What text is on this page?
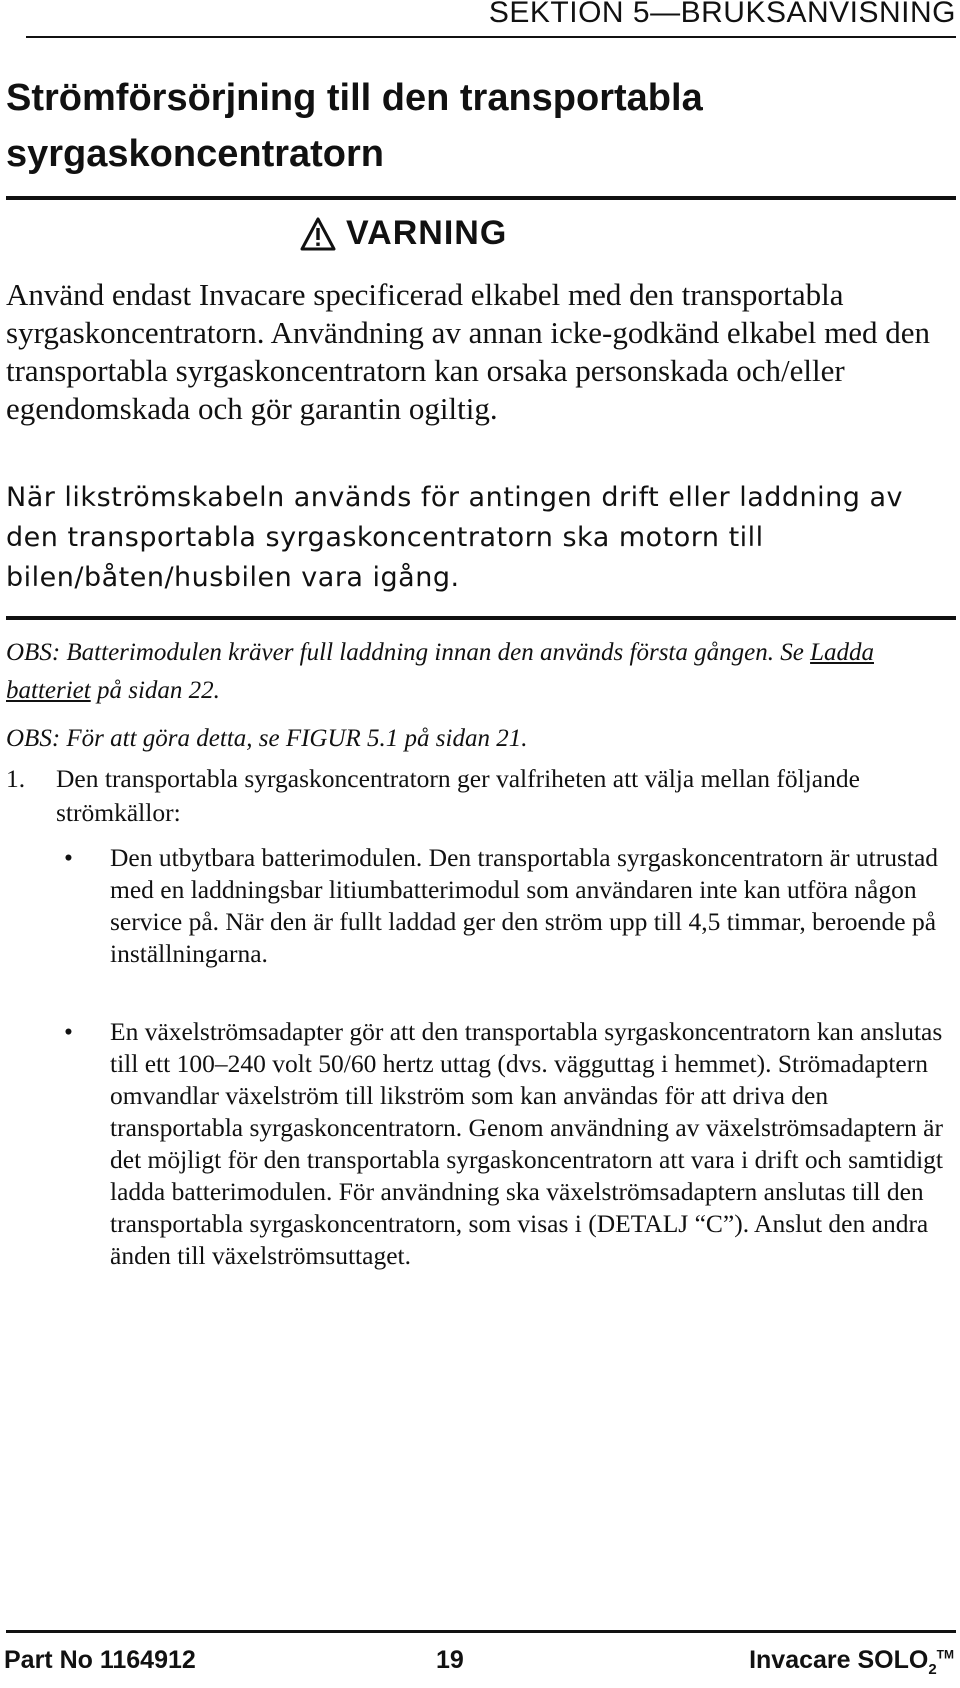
SEKTION 5—BRUKSANVISNING
Strömförsörjning till den transportabla syrgaskoncentratorn
VARNING

Använd endast Invacare specificerad elkabel med den transportabla syrgaskoncentratorn. Användning av annan icke-godkänd elkabel med den transportabla syrgaskoncentratorn kan orsaka personskada och/eller egendomskada och gör garantin ogiltig.

När likströmskabeln används för antingen drift eller laddning av den transportabla syrgaskoncentratorn ska motorn till bilen/båten/husbilen vara igång.

OBS: Batterimodulen kräver full laddning innan den används första gången. Se Ladda batteriet på sidan 22.

OBS: För att göra detta, se FIGUR 5.1 på sidan 21.

1.	Den transportabla syrgaskoncentratorn ger valfriheten att välja mellan följande strömkällor:
•	Den utbytbara batterimodulen. Den transportabla syrgaskoncentratorn är utrustad med en laddningsbar litiumbatterimodul som användaren inte kan utföra någon service på. När den är fullt laddad ger den ström upp till 4,5 timmar, beroende på inställningarna.
•	En växelströmsadapter gör att den transportabla syrgaskoncentratorn kan anslutas till ett 100–240 volt 50/60 hertz uttag (dvs. vägguttag i hemmet). Strömadaptern omvandlar växelström till likström som kan användas för att driva den transportabla syrgaskoncentratorn. Genom användning av växelströmsadaptern är det möjligt för den transportabla syrgaskoncentratorn att vara i drift och samtidigt ladda batterimodulen. För användning ska växelströmsadaptern anslutas till den transportabla syrgaskoncentratorn, som visas i (DETALJ “C”). Anslut den andra änden till växelströmsuttaget.
Part No 1164912	19	Invacare $SOLO_2™$
